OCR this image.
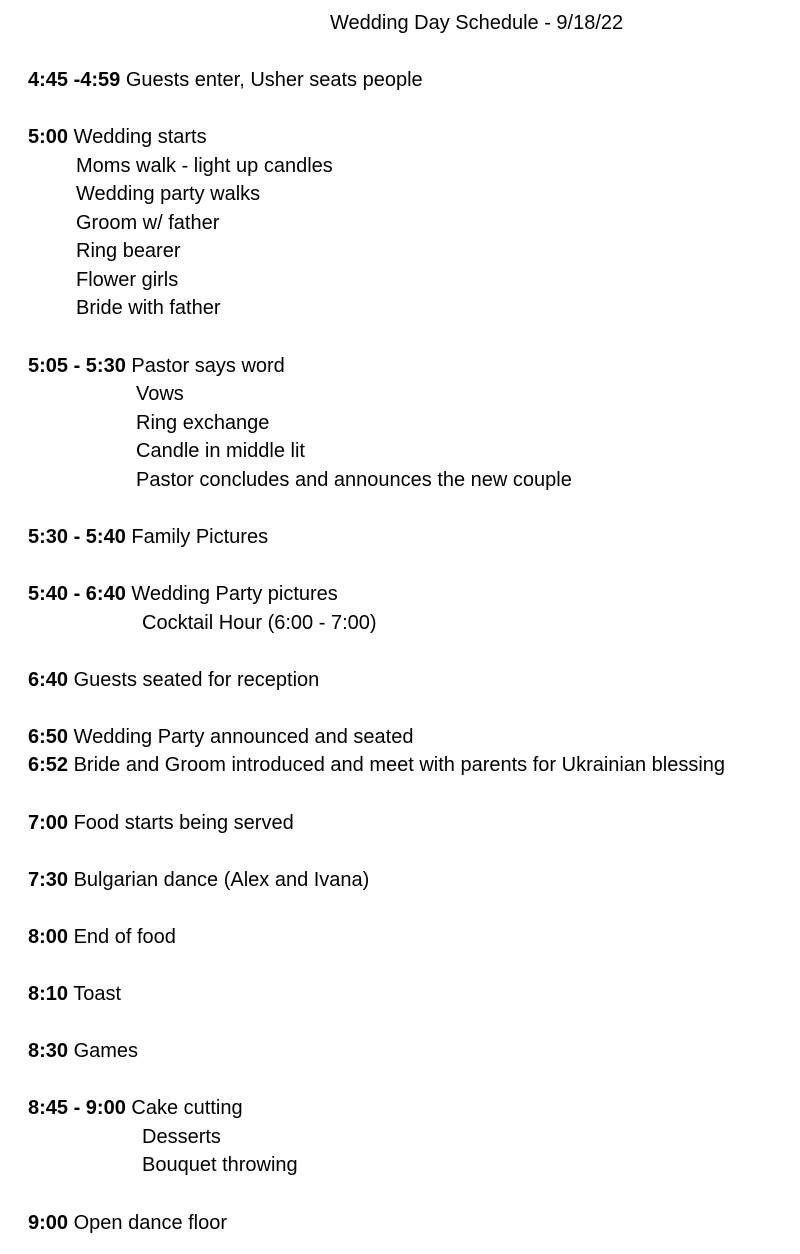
Wedding Day Schedule - 9/18/22
4:45 -4:59 Guests enter, Usher seats people
5:00 Wedding starts
Moms walk - light up candles
Wedding party walks
Groom w/ father
Ring bearer
Flower girls
Bride with father
5:05 - 5:30 Pastor says word
Vows
Ring exchange
Candle in middle lit
Pastor concludes and announces the new couple
5:30 - 5:40 Family Pictures
5:40 - 6:40 Wedding Party pictures
Cocktail Hour (6:00 - 7:00)
6:40 Guests seated for reception
6:50 Wedding Party announced and seated
6:52 Bride and Groom introduced and meet with parents for Ukrainian blessing
7:00 Food starts being served
7:30 Bulgarian dance (Alex and Ivana)
8:00 End of food
8:10 Toast
8:30 Games
8:45 - 9:00 Cake cutting
Desserts
Bouquet throwing
9:00 Open dance floor
